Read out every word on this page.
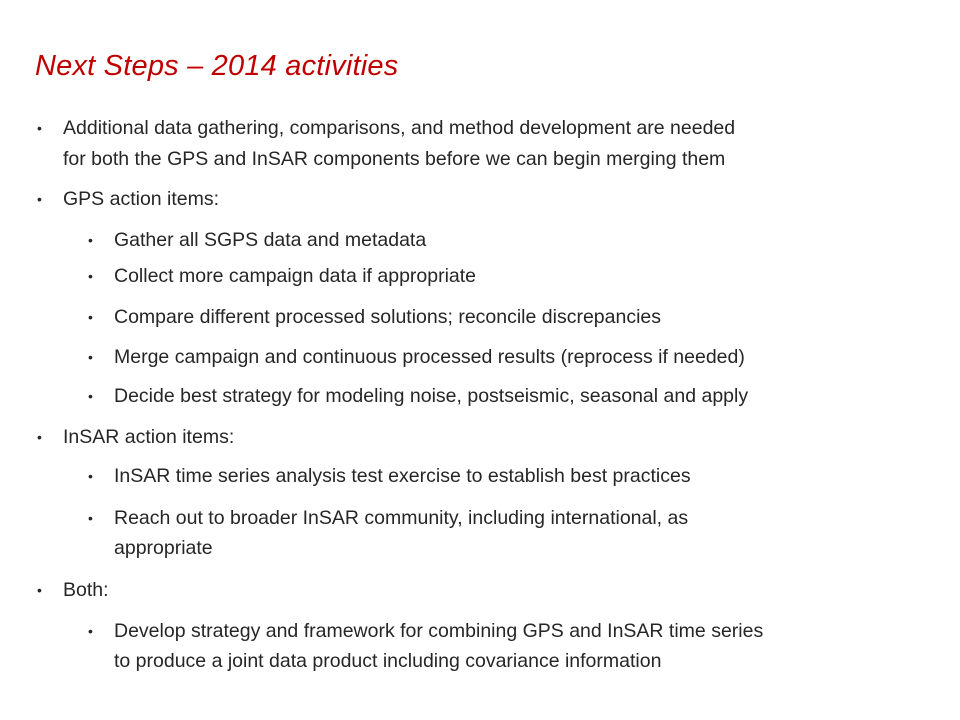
Next Steps – 2014 activities
• Additional data gathering, comparisons, and method development are needed
for both the GPS and InSAR components before we can begin merging them
• GPS action items:
• Gather all SGPS data and metadata
• Collect more campaign data if appropriate
• Compare different processed solutions; reconcile discrepancies
• Merge campaign and continuous processed results (reprocess if needed)
• Decide best strategy for modeling noise, postseismic, seasonal and apply
• InSAR action items:
• InSAR time series analysis test exercise to establish best practices
• Reach out to broader InSAR community, including international, as
appropriate
• Both:
• Develop strategy and framework for combining GPS and InSAR time series
to produce a joint data product including covariance information
